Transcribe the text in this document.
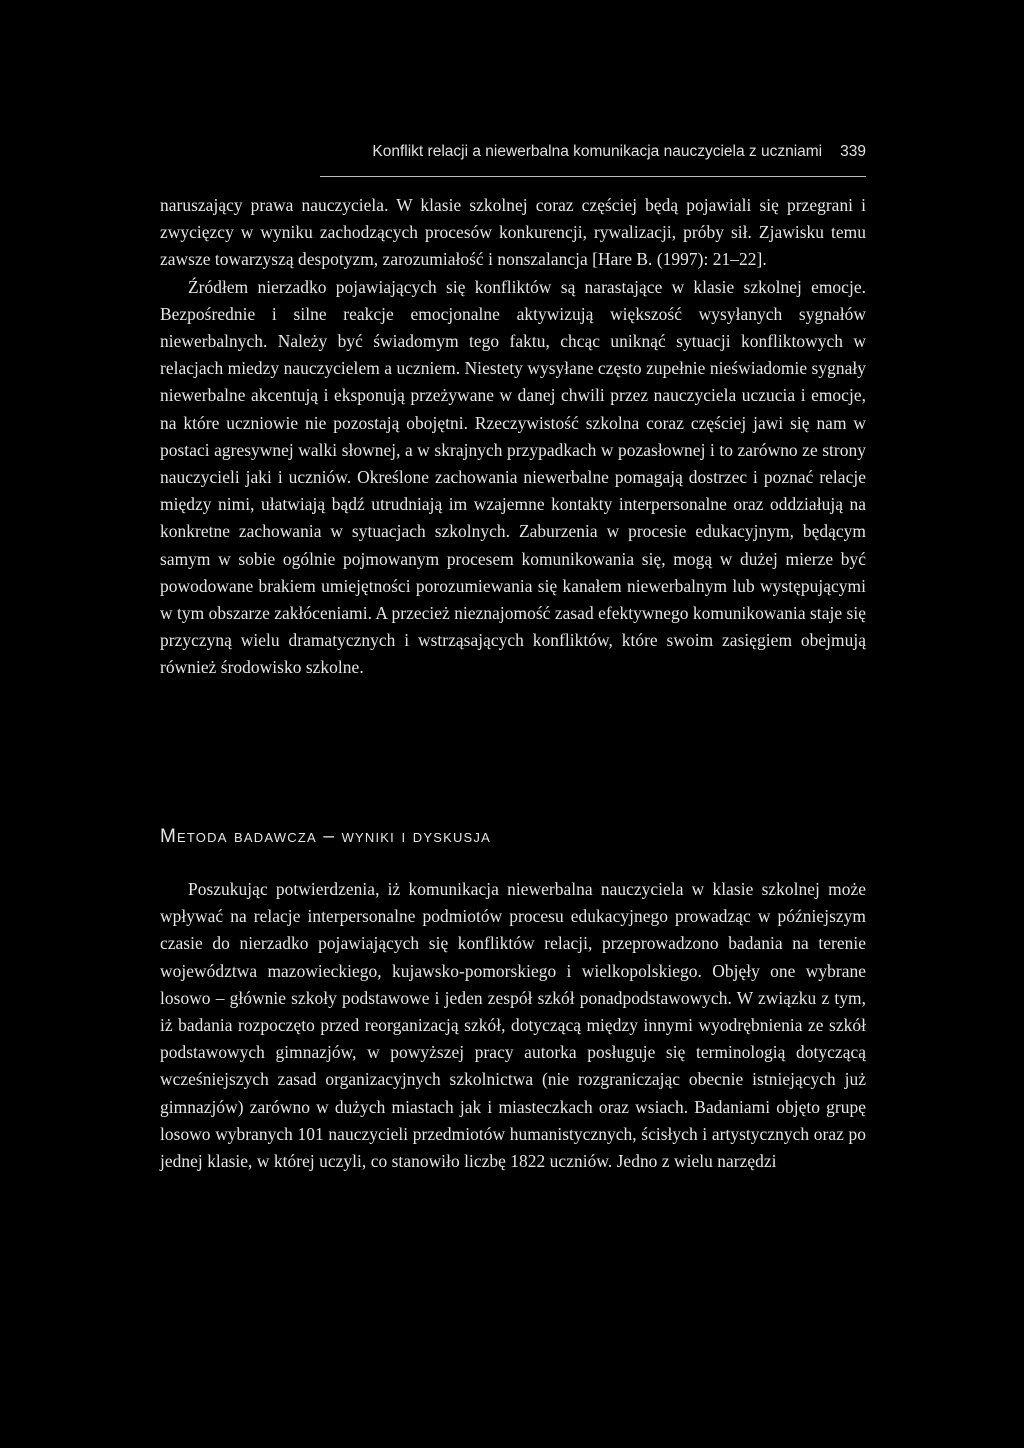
Konflikt relacji a niewerbalna komunikacja nauczyciela z uczniami 339

naruszający prawa nauczyciela. W klasie szkolnej coraz częściej będą pojawiali się przegrani i zwycięzcy w wyniku zachodzących procesów konkurencji, rywalizacji, próby sił. Zjawisku temu zawsze towarzyszą despotyzm, zarozumiałość i nonszalancja [Hare B. (1997): 21–22].

Źródłem nierzadko pojawiających się konfliktów są narastające w klasie szkolnej emocje. Bezpośrednie i silne reakcje emocjonalne aktywizują większość wysyłanych sygnałów niewerbalnych. Należy być świadomym tego faktu, chcąc uniknąć sytuacji konfliktowych w relacjach miedzy nauczycielem a uczniem. Niestety wysyłane często zupełnie nieświadomie sygnały niewerbalne akcentują i eksponują przeżywane w danej chwili przez nauczyciela uczucia i emocje, na które uczniowie nie pozostają obojętni. Rzeczywistość szkolna coraz częściej jawi się nam w postaci agresywnej walki słownej, a w skrajnych przypadkach w pozasłownej i to zarówno ze strony nauczycieli jaki i uczniów. Określone zachowania niewerbalne pomagają dostrzec i poznać relacje między nimi, ułatwiają bądź utrudniają im wzajemne kontakty interpersonalne oraz oddziałują na konkretne zachowania w sytuacjach szkolnych. Zaburzenia w procesie edukacyjnym, będącym samym w sobie ogólnie pojmowanym procesem komunikowania się, mogą w dużej mierze być powodowane brakiem umiejętności porozumiewania się kanałem niewerbalnym lub występującymi w tym obszarze zakłóceniami. A przecież nieznajomość zasad efektywnego komunikowania staje się przyczyną wielu dramatycznych i wstrząsających konfliktów, które swoim zasięgiem obejmują również środowisko szkolne.

Metoda badawcza – wyniki i dyskusja

Poszukując potwierdzenia, iż komunikacja niewerbalna nauczyciela w klasie szkolnej może wpływać na relacje interpersonalne podmiotów procesu edukacyjnego prowadząc w późniejszym czasie do nierzadko pojawiających się konfliktów relacji, przeprowadzono badania na terenie województwa mazowieckiego, kujawsko-pomorskiego i wielkopolskiego. Objęły one wybrane losowo – głównie szkoły podstawowe i jeden zespół szkół ponadpodstawowych. W związku z tym, iż badania rozpoczęto przed reorganizacją szkół, dotyczącą między innymi wyodrębnienia ze szkół podstawowych gimnazjów, w powyższej pracy autorka posługuje się terminologią dotyczącą wcześniejszych zasad organizacyjnych szkolnictwa (nie rozgraniczając obecnie istniejących już gimnazjów) zarówno w dużych miastach jak i miasteczkach oraz wsiach. Badaniami objęto grupę losowo wybranych 101 nauczycieli przedmiotów humanistycznych, ścisłych i artystycznych oraz po jednej klasie, w której uczyli, co stanowiło liczbę 1822 uczniów. Jedno z wielu narzędzi
